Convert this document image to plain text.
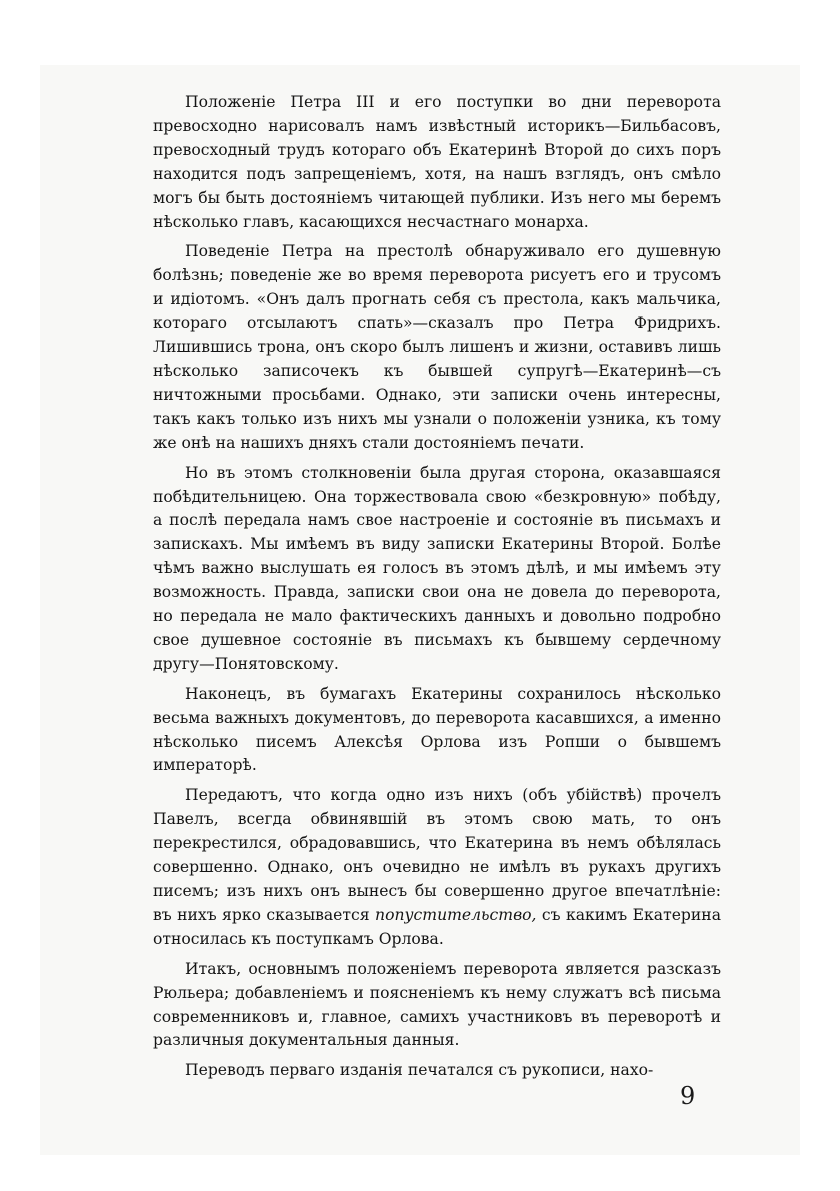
Положенiе Петра III и его поступки во дни переворота превосходно нарисовалъ намъ извѣстный историкъ—Бильбасовъ, превосходный трудъ котораго объ Екатеринѣ Второй до сихъ поръ находится подъ запрещенiемъ, хотя, на нашъ взглядъ, онъ смѣло могъ бы быть достоянiемъ читающей публики. Изъ него мы беремъ нѣсколько главъ, касающихся несчастнаго монарха.

Поведенiе Петра на престолѣ обнаруживало его душевную болѣзнь; поведенiе же во время переворота рисуетъ его и трусомъ и идiотомъ. «Онъ далъ прогнать себя съ престола, какъ мальчика, котораго отсылаютъ спать»—сказалъ про Петра Фридрихъ. Лишившись трона, онъ скоро былъ лишенъ и жизни, оставивъ лишь нѣсколько записочекъ къ бывшей супругѣ—Екатеринѣ—съ ничтожными просьбами. Однако, эти записки очень интересны, такъ какъ только изъ нихъ мы узнали о положенiи узника, къ тому же онѣ на нашихъ дняхъ стали достоянiемъ печати.

Но въ этомъ столкновенiи была другая сторона, оказавшаяся побѣдительницею. Она торжествовала свою «безкровную» побѣду, а послѣ передала намъ свое настроенiе и состоянiе въ письмахъ и запискахъ. Мы имѣемъ въ виду записки Екатерины Второй. Болѣе чѣмъ важно выслушать ея голосъ въ этомъ дѣлѣ, и мы имѣемъ эту возможность. Правда, записки свои она не довела до переворота, но передала не мало фактическихъ данныхъ и довольно подробно свое душевное состоянiе въ письмахъ къ бывшему сердечному другу—Понятовскому.

Наконецъ, въ бумагахъ Екатерины сохранилось нѣсколько весьма важныхъ документовъ, до переворота касавшихся, а именно нѣсколько писемъ Алексѣя Орлова изъ Ропши о бывшемъ императорѣ.

Передаютъ, что когда одно изъ нихъ (объ убiйствѣ) прочелъ Павелъ, всегда обвинявшiй въ этомъ свою мать, то онъ перекрестился, обрадовавшись, что Екатерина въ немъ обѣлялась совершенно. Однако, онъ очевидно не имѣлъ въ рукахъ другихъ писемъ; изъ нихъ онъ вынесъ бы совершенно другое впечатлѣнiе: въ нихъ ярко сказывается попустительство, съ какимъ Екатерина относилась къ поступкамъ Орлова.

Итакъ, основнымъ положенiемъ переворота является разсказъ Рюльера; добавленiемъ и поясненiемъ къ нему служатъ всѣ письма современниковъ и, главное, самихъ участниковъ въ переворотѣ и различныя документальныя данныя.

Переводъ перваго изданiя печатался съ рукописи, нахо-

9
